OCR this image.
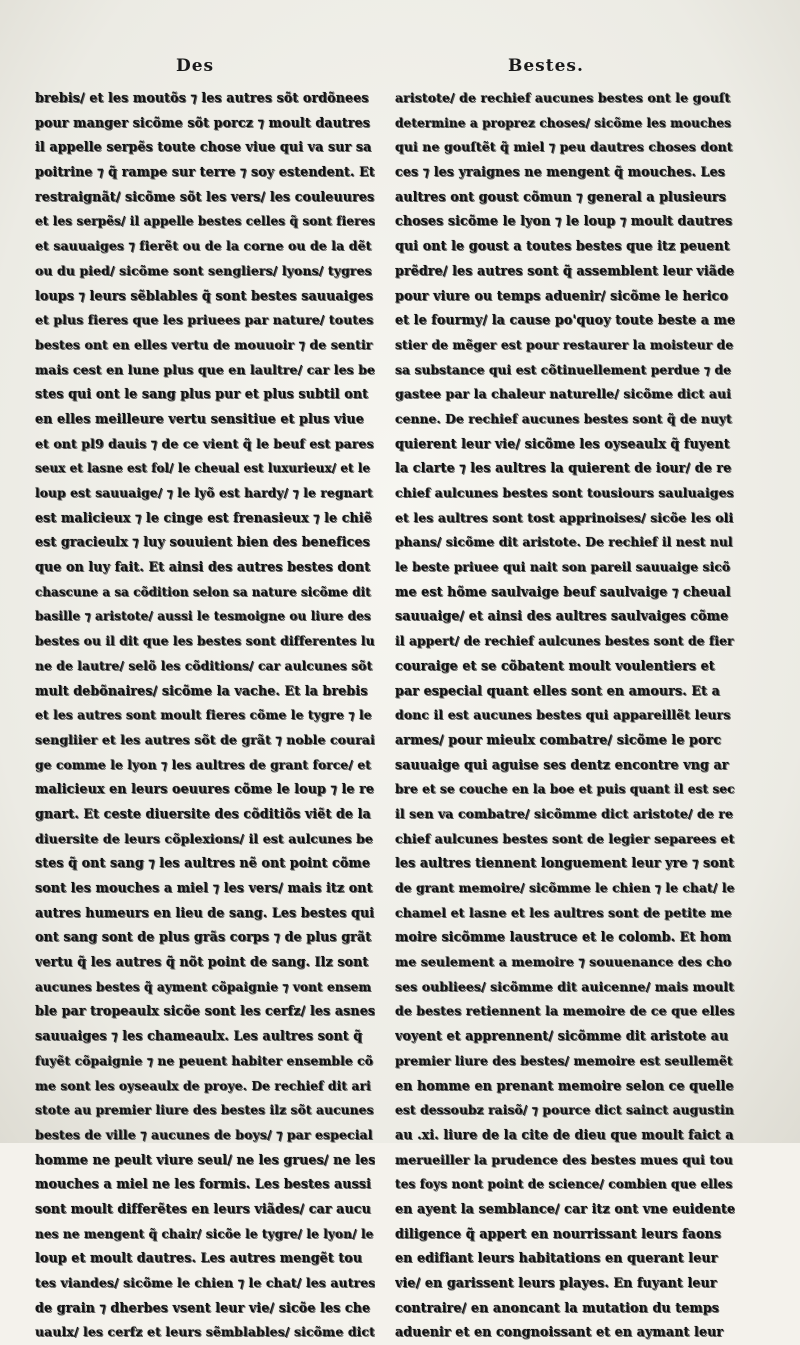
Des	Bestes.
brebis/ et les moutõs ⁊ les autres sõt ordõnees
pour manger sicõme sõt porcz ⁊ moult dautres
il appelle serpẽs toute chose viue qui va sur sa
poitrine ⁊ q̃ rampe sur terre ⁊ soy estendent. Et
restraignãt/ sicõme sõt les vers/ les couleuures
et les serpẽs/ il appelle bestes celles q̃ sont fieres
et sauuaiges ⁊ fierẽt ou de la corne ou de la dẽt
ou du pied/ sicõme sont sengliers/ lyons/ tygres
loups ⁊ leurs sẽblables q̃ sont bestes sauuaiges
et plus fieres que les priuees par nature/ toutes
bestes ont en elles vertu de mouuoir ⁊ de sentir
mais cest en lune plus que en laultre/ car les be
stes qui ont le sang plus pur et plus subtil ont
en elles meilleure vertu sensitiue et plus viue
et ont pl9 dauis ⁊ de ce vient q̃ le beuf est pares
seux et lasne est fol/ le cheual est luxurieux/ et le
loup est sauuaige/ ⁊ le lyõ est hardy/ ⁊ le regnart
est malicieux ⁊ le cinge est frenasieux ⁊ le chiẽ
est gracieulx ⁊ luy souuient bien des benefices
que on luy fait. Et ainsi des autres bestes dont
chascune a sa cõdition selon sa nature sicõme dit
basille ⁊ aristote/ aussi le tesmoigne ou liure des
bestes ou il dit que les bestes sont differentes lu
ne de lautre/ selõ les cõditions/ car aulcunes sõt
mult debõnaires/ sicõme la vache. Et la brebis
et les autres sont moult fieres cõme le tygre ⁊ le
sengliier et les autres sõt de grãt ⁊ noble courai
ge comme le lyon ⁊ les aultres de grant force/ et
malicieux en leurs oeuures cõme le loup ⁊ le re
gnart. Et ceste diuersite des cõditiõs viẽt de la
diuersite de leurs cõplexions/ il est aulcunes be
stes q̃ ont sang ⁊ les aultres nẽ ont point cõme
sont les mouches a miel ⁊ les vers/ mais itz ont
autres humeurs en lieu de sang. Les bestes qui
ont sang sont de plus grãs corps ⁊ de plus grãt
vertu q̃ les autres q̃ nõt point de sang. Ilz sont
aucunes bestes q̃ ayment cõpaignie ⁊ vont ensem
ble par tropeaulx sicõe sont les cerfz/ les asnes
sauuaiges ⁊ les chameaulx. Les aultres sont q̃
fuyẽt cõpaignie ⁊ ne peuent habiter ensemble cõ
me sont les oyseaulx de proye. De rechief dit ari
stote au premier liure des bestes ilz sõt aucunes
bestes de ville ⁊ aucunes de boys/ ⁊ par especial
homme ne peult viure seul/ ne les grues/ ne les
mouches a miel ne les formis. Les bestes aussi
sont moult differẽtes en leurs viãdes/ car aucu
nes ne mengent q̃ chair/ sicõe le tygre/ le lyon/ le
loup et moult dautres. Les autres mengẽt tou
tes viandes/ sicõme le chien ⁊ le chat/ les autres
de grain ⁊ dherbes vsent leur vie/ sicõe les che
uaulx/ les cerfz et leurs sẽmblables/ sicõme dict
aristote/ de rechief aucunes bestes ont le gouſt
determine a proprez choses/ sicõme les mouches
qui ne gouſtẽt q̃ miel ⁊ peu dautres choses dont
ces ⁊ les yraignes ne mengent q̃ mouches. Les
aultres ont goust cõmun ⁊ general a plusieurs
choses sicõme le lyon ⁊ le loup ⁊ moult dautres
qui ont le goust a toutes bestes que itz peuent
prẽdre/ les autres sont q̃ assemblent leur viãde
pour viure ou temps aduenir/ sicõme le herico
et le fourmy/ la cause po'quoy toute beste a me
stier de mẽger est pour restaurer la moisteur de
sa substance qui est cõtinuellement perdue ⁊ de
gastee par la chaleur naturelle/ sicõme dict aui
cenne. De rechief aucunes bestes sont q̃ de nuyt
quierent leur vie/ sicõme les oyseaulx q̃ fuyent
la clarte ⁊ les aultres la quierent de iour/ de re
chief aulcunes bestes sont tousiours sauluaiges
et les aultres sont tost apprinoises/ sicõe les oli
phans/ sicõme dit aristote. De rechief il nest nul
le beste priuee qui nait son pareil sauuaige sicõ
me est hõme saulvaige beuf saulvaige ⁊ cheual
sauuaige/ et ainsi des aultres saulvaiges cõme
il appert/ de rechief aulcunes bestes sont de fier
couraige et se cõbatent moult voulentiers et
par especial quant elles sont en amours. Et a
donc il est aucunes bestes qui appareillẽt leurs
armes/ pour mieulx combatre/ sicõme le porc
sauuaige qui aguise ses dentz encontre vng ar
bre et se couche en la boe et puis quant il est sec
il sen va combatre/ sicõmme dict aristote/ de re
chief aulcunes bestes sont de legier separees et
les aultres tiennent longuement leur yre ⁊ sont
de grant memoire/ sicõmme le chien ⁊ le chat/ le
chamel et lasne et les aultres sont de petite me
moire sicõmme laustruce et le colomb. Et hom
me seulement a memoire ⁊ souuenance des cho
ses oubliees/ sicõmme dit auicenne/ mais moult
de bestes retiennent la memoire de ce que elles
voyent et apprennent/ sicõmme dit aristote au
premier liure des bestes/ memoire est seullemẽt
en homme en prenant memoire selon ce quelle
est dessoubz raisõ/ ⁊ pource dict sainct augustin
au .xi. liure de la cite de dieu que moult faict a
merueiller la prudence des bestes mues qui tou
tes foys nont point de science/ combien que elles
en ayent la semblance/ car itz ont vne euidente
diligence q̃ appert en nourrissant leurs faons
en edifiant leurs habitations en querant leur
vie/ en garissent leurs playes. En fuyant leur
contraire/ en anoncant la mutation du temps
aduenir et en congnoissant et en aymant leur
